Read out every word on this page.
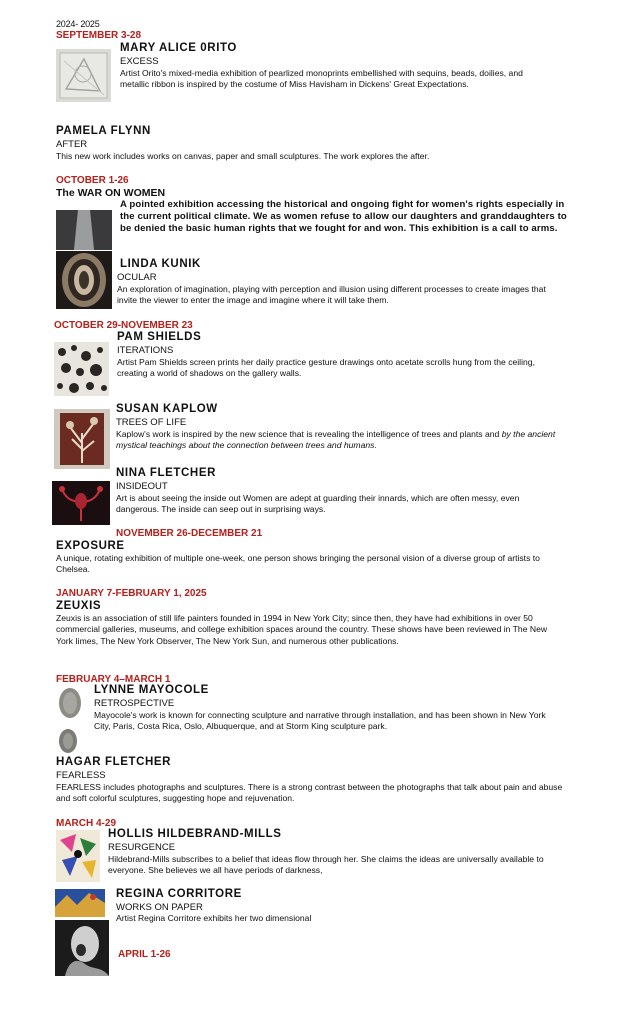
2024- 2025
SEPTEMBER 3-28
MARY ALICE 0RITO
EXCESS
Artist Orito's mixed-media exhibition of pearlized monoprints embellished with sequins, beads, doilies, and metallic ribbon is inspired by the costume of Miss Havisham in Dickens' Great Expectations.
PAMELA FLYNN
AFTER
This new work includes works on canvas, paper and small sculptures. The work explores the after.
OCTOBER 1-26
The WAR ON WOMEN
A pointed exhibition accessing the historical and ongoing fight for women's rights especially in the current political climate. We as women refuse to allow our daughters and granddaughters to be denied the basic human rights that we fought for and won. This exhibition is a call to arms.
LINDA KUNIK
OCULAR
An exploration of imagination, playing with perception and illusion using different processes to create images that invite the viewer to enter the image and imagine where it will take them.
OCTOBER 29-NOVEMBER 23
PAM SHIELDS
ITERATIONS
Artist Pam Shields screen prints her daily practice gesture drawings onto acetate scrolls hung from the ceiling, creating a world of shadows on the gallery walls.
SUSAN KAPLOW
TREES OF LIFE
Kaplow's work is inspired by the new science that is revealing the intelligence of trees and plants and by the ancient mystical teachings about the connection between trees and humans.
NINA FLETCHER
INSIDEOUT
Art is about seeing the inside out Women are adept at guarding their innards, which are often messy, even dangerous. The inside can seep out in surprising ways.
NOVEMBER 26-DECEMBER 21
EXPOSURE
A unique, rotating exhibition of multiple one-week, one person shows bringing the personal vision of a diverse group of artists to Chelsea.
JANUARY 7-FEBRUARY 1, 2025
ZEUXIS
Zeuxis is an association of still life painters founded in 1994 in New York City; since then, they have had exhibitions in over 50 commercial galleries, museums, and college exhibition spaces around the country. These shows have been reviewed in The New York Iimes, The New York Observer, The New York Sun, and numerous other publications.
FEBRUARY 4–MARCH 1
LYNNE MAYOCOLE
RETROSPECTIVE
Mayocole's work is known for connecting sculpture and narrative through installation, and has been shown in New York City, Paris, Costa Rica, Oslo, Albuquerque, and at Storm King sculpture park.
HAGAR FLETCHER
FEARLESS
FEARLESS includes photographs and sculptures. There is a strong contrast between the photographs that talk about pain and abuse and soft colorful sculptures, suggesting hope and rejuvenation.
MARCH 4-29
HOLLIS HILDEBRAND-MILLS
RESURGENCE
Hildebrand-Mills subscribes to a belief that ideas flow through her. She claims the ideas are universally available to everyone. She believes we all have periods of darkness,
REGINA CORRITORE
WORKS ON PAPER
Artist Regina Corritore exhibits her two dimensional
APRIL 1-26
